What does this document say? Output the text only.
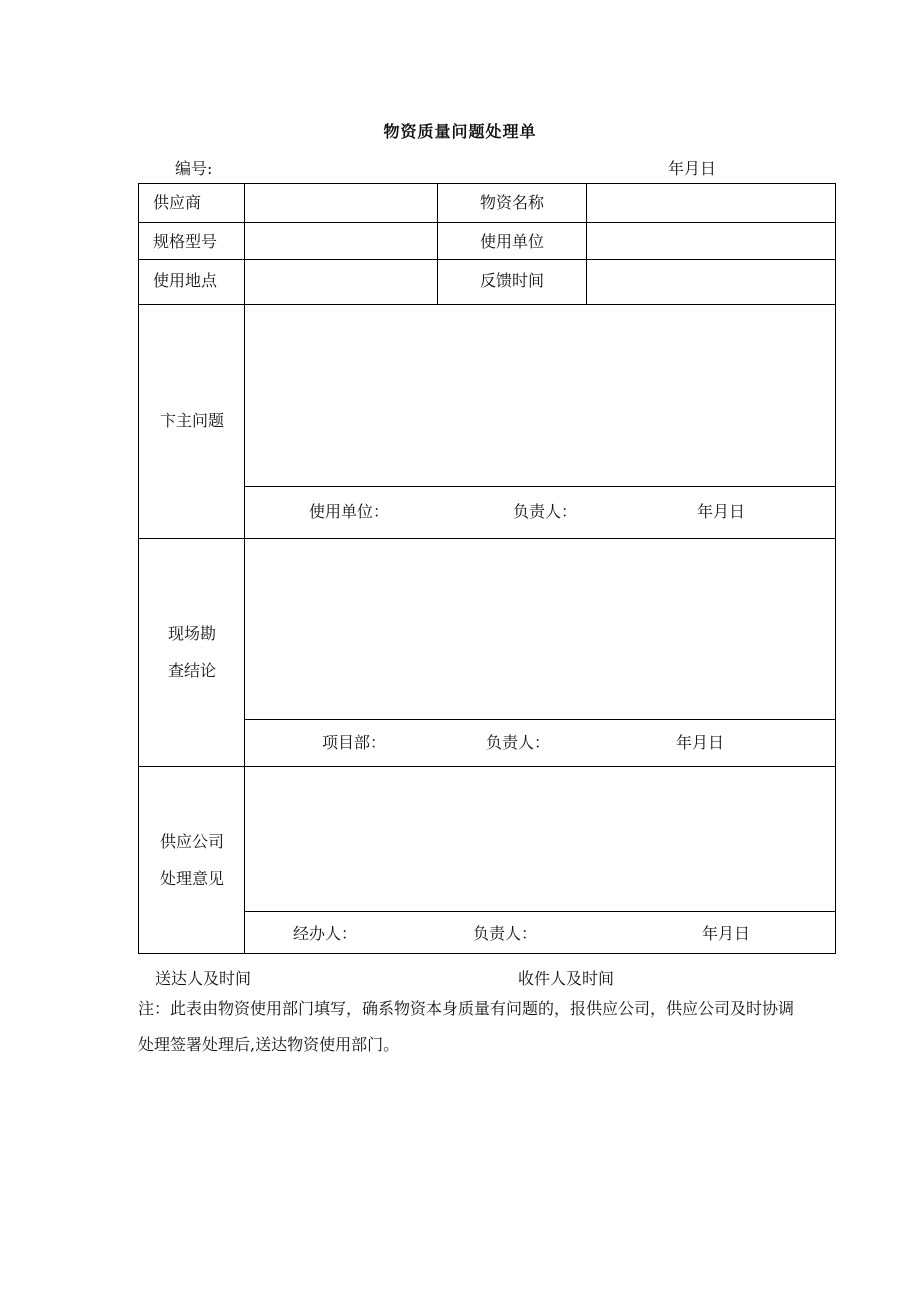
物资质量问题处理单
编号:	年月日
供应商	物资名称
规格型号	使用单位
使用地点	反馈时间
卞主问题
使用单位：	负责人：	年月日
现场勘
查结论
项目部：	负责人：	年月日
供应公司
处理意见
经办人：	负责人：	年月日
送达人及时间	收件人及时间
注：此表由物资使用部门填写，确系物资本身质量有问题的，报供应公司，供应公司及时协调
处理签署处理后,送达物资使用部门。
